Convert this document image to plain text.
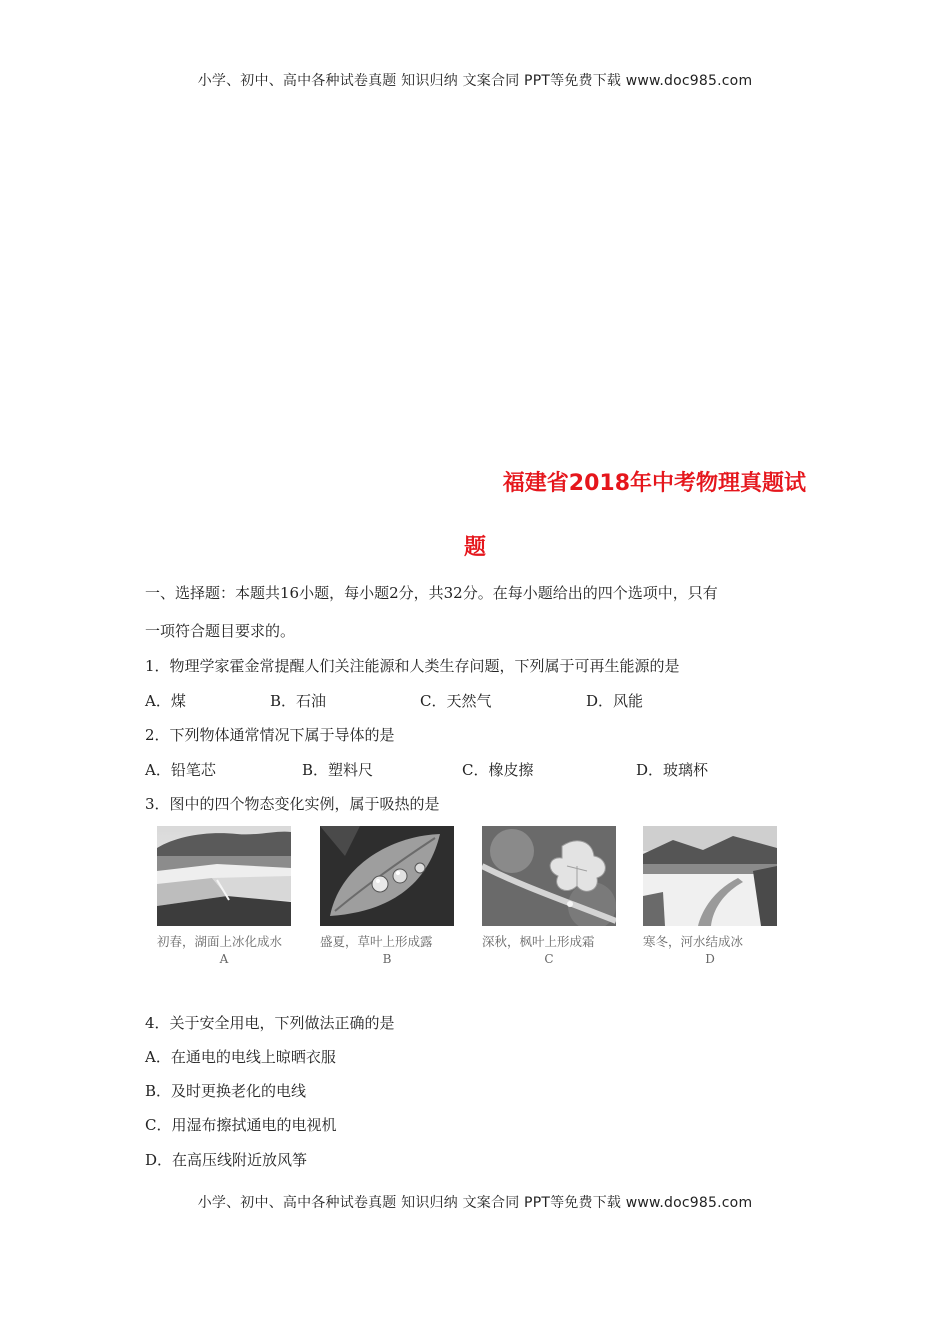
小学、初中、高中各种试卷真题 知识归纳 文案合同 PPT等免费下载 www.doc985.com
福建省2018年中考物理真题试
题
一、选择题：本题共16小题，每小题2分，共32分。在每小题给出的四个选项中，只有
一项符合题目要求的。
1．物理学家霍金常提醒人们关注能源和人类生存问题，下列属于可再生能源的是
A．煤	B．石油	C．天然气	D．风能
2．下列物体通常情况下属于导体的是
A．铅笔芯	B．塑料尺	C．橡皮擦	D．玻璃杯
3．图中的四个物态变化实例，属于吸热的是
初春，湖面上冰化成水
A
盛夏，草叶上形成露
B
深秋，枫叶上形成霜
C
寒冬，河水结成冰
D
4．关于安全用电，下列做法正确的是
A．在通电的电线上晾晒衣服
B．及时更换老化的电线
C．用湿布擦拭通电的电视机
D．在高压线附近放风筝
小学、初中、高中各种试卷真题 知识归纳 文案合同 PPT等免费下载 www.doc985.com
